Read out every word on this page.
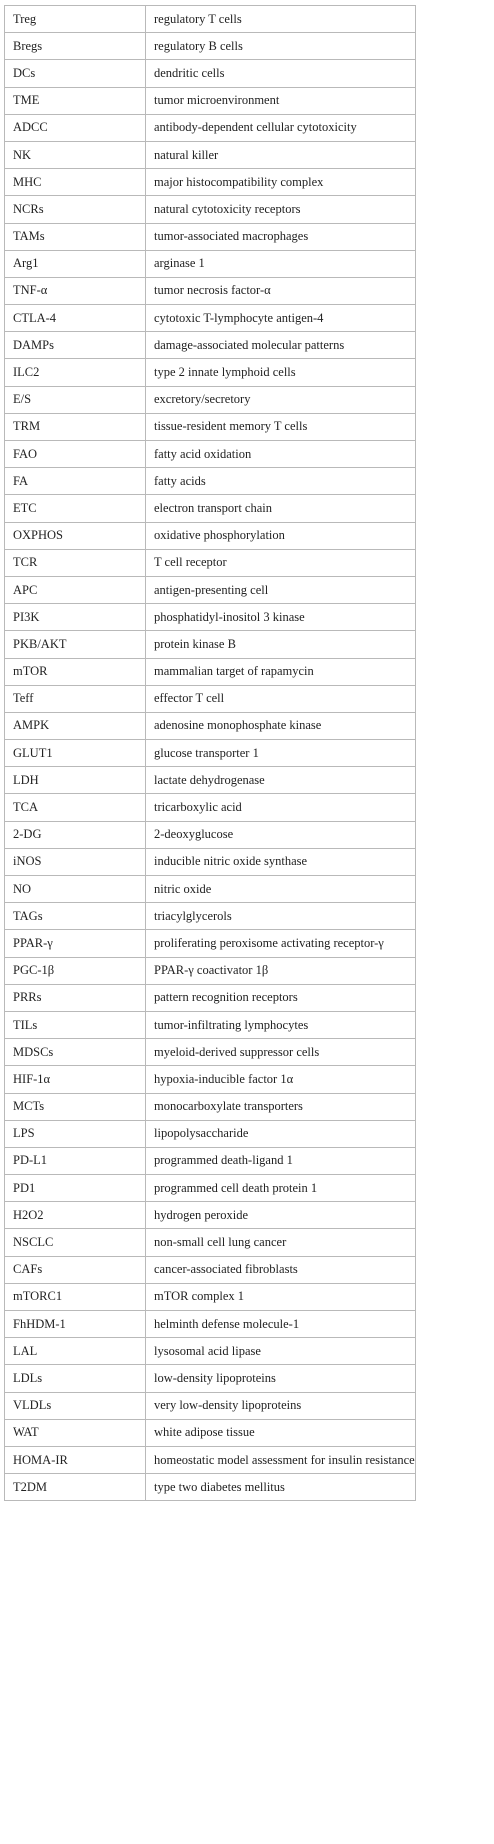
Treg	regulatory T cells
Bregs	regulatory B cells
DCs	dendritic cells
TME	tumor microenvironment
ADCC	antibody-dependent cellular cytotoxicity
NK	natural killer
MHC	major histocompatibility complex
NCRs	natural cytotoxicity receptors
TAMs	tumor-associated macrophages
Arg1	arginase 1
TNF-α	tumor necrosis factor-α
CTLA-4	cytotoxic T-lymphocyte antigen-4
DAMPs	damage-associated molecular patterns
ILC2	type 2 innate lymphoid cells
E/S	excretory/secretory
TRM	tissue-resident memory T cells
FAO	fatty acid oxidation
FA	fatty acids
ETC	electron transport chain
OXPHOS	oxidative phosphorylation
TCR	T cell receptor
APC	antigen-presenting cell
PI3K	phosphatidyl-inositol 3 kinase
PKB/AKT	protein kinase B
mTOR	mammalian target of rapamycin
Teff	effector T cell
AMPK	adenosine monophosphate kinase
GLUT1	glucose transporter 1
LDH	lactate dehydrogenase
TCA	tricarboxylic acid
2-DG	2-deoxyglucose
iNOS	inducible nitric oxide synthase
NO	nitric oxide
TAGs	triacylglycerols
PPAR-γ	proliferating peroxisome activating receptor-γ
PGC-1β	PPAR-γ coactivator 1β
PRRs	pattern recognition receptors
TILs	tumor-infiltrating lymphocytes
MDSCs	myeloid-derived suppressor cells
HIF-1α	hypoxia-inducible factor 1α
MCTs	monocarboxylate transporters
LPS	lipopolysaccharide
PD-L1	programmed death-ligand 1
PD1	programmed cell death protein 1
H2O2	hydrogen peroxide
NSCLC	non-small cell lung cancer
CAFs	cancer-associated fibroblasts
mTORC1	mTOR complex 1
FhHDM-1	helminth defense molecule-1
LAL	lysosomal acid lipase
LDLs	low-density lipoproteins
VLDLs	very low-density lipoproteins
WAT	white adipose tissue
HOMA-IR	homeostatic model assessment for insulin resistance
T2DM	type two diabetes mellitus
